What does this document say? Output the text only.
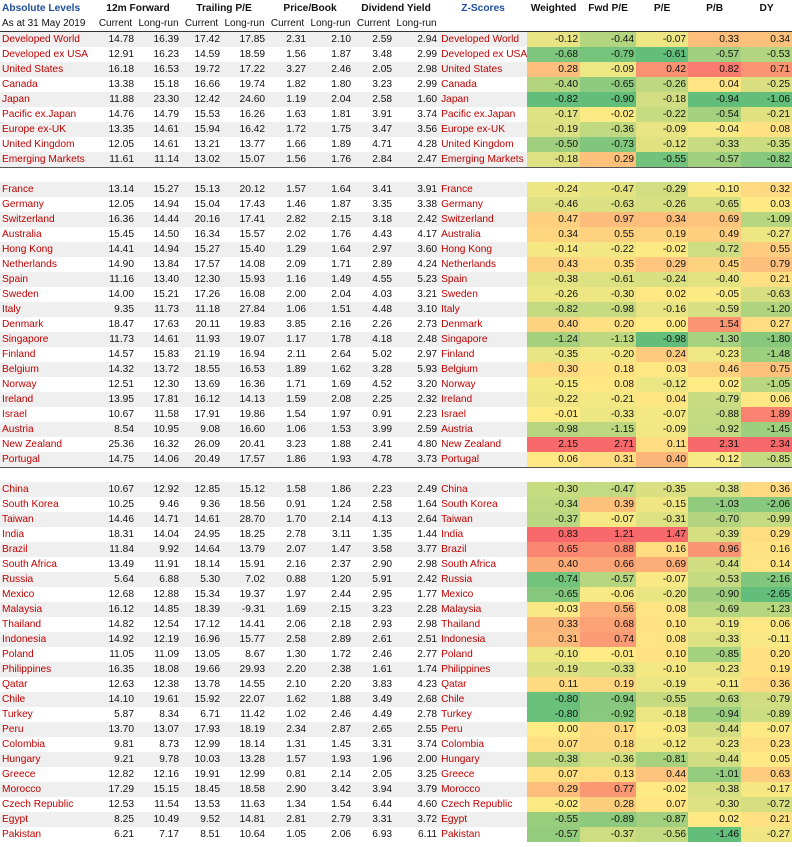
Absolute Levels	12m Forward		Trailing P/E		Price/Book		Dividend Yield		Z-Scores	Weighted	Fwd P/E	P/E	P/B	DY
As at 31 May 2019	Current	Long-run	Current	Long-run	Current	Long-run	Current	Long-run						
Developed World	14.78	16.39	17.42	17.85	2.31	2.10	2.59	2.94	Developed World	-0.12	-0.44	-0.07	0.33	0.34
Developed ex USA	12.91	16.23	14.59	18.59	1.56	1.87	3.48	2.99	Developed ex USA	-0.68	-0.79	-0.61	-0.57	-0.53
United States	16.18	16.53	19.72	17.22	3.27	2.46	2.05	2.98	United States	0.28	-0.09	0.42	0.82	0.71
Canada	13.38	15.18	16.66	19.74	1.82	1.80	3.23	2.99	Canada	-0.40	-0.65	-0.26	0.04	-0.25
Japan	11.88	23.30	12.42	24.60	1.19	2.04	2.58	1.60	Japan	-0.82	-0.90	-0.18	-0.94	-1.06
Pacific ex.Japan	14.76	14.79	15.53	16.26	1.63	1.81	3.91	3.74	Pacific ex.Japan	-0.17	-0.02	-0.22	-0.54	-0.21
Europe ex-UK	13.35	14.61	15.94	16.42	1.72	1.75	3.47	3.56	Europe ex-UK	-0.19	-0.36	-0.09	-0.04	0.08
United Kingdom	12.05	14.61	13.21	13.77	1.66	1.89	4.71	4.28	United Kingdom	-0.50	-0.73	-0.12	-0.33	-0.35
Emerging Markets	11.61	11.14	13.02	15.07	1.56	1.76	2.84	2.47	Emerging Markets	-0.18	0.29	-0.55	-0.57	-0.82

France	13.14	15.27	15.13	20.12	1.57	1.64	3.41	3.91	France	-0.24	-0.47	-0.29	-0.10	0.32
Germany	12.05	14.94	15.04	17.43	1.46	1.87	3.35	3.38	Germany	-0.46	-0.63	-0.26	-0.65	0.03
Switzerland	16.36	14.44	20.16	17.41	2.82	2.15	3.18	2.42	Switzerland	0.47	0.97	0.34	0.69	-1.09
Australia	15.45	14.50	16.34	15.57	2.02	1.76	4.43	4.17	Australia	0.34	0.55	0.19	0.49	-0.27
Hong Kong	14.41	14.94	15.27	15.40	1.29	1.64	2.97	3.60	Hong Kong	-0.14	-0.22	-0.02	-0.72	0.55
Netherlands	14.90	13.84	17.57	14.08	2.09	1.71	2.89	4.24	Netherlands	0.43	0.35	0.29	0.45	0.79
Spain	11.16	13.40	12.30	15.93	1.16	1.49	4.55	5.23	Spain	-0.38	-0.61	-0.24	-0.40	0.21
Sweden	14.00	15.21	17.26	16.08	2.00	2.04	4.03	3.21	Sweden	-0.26	-0.30	0.02	-0.05	-0.63
Italy	9.35	11.73	11.18	27.84	1.06	1.51	4.48	3.10	Italy	-0.82	-0.98	-0.16	-0.59	-1.20
Denmark	18.47	17.63	20.11	19.83	3.85	2.16	2.26	2.73	Denmark	0.40	0.20	0.00	1.54	0.27
Singapore	11.73	14.61	11.93	19.07	1.17	1.78	4.18	2.48	Singapore	-1.24	-1.13	-0.98	-1.30	-1.80
Finland	14.57	15.83	21.19	16.94	2.11	2.64	5.02	2.97	Finland	-0.35	-0.20	0.24	-0.23	-1.48
Belgium	14.32	13.72	18.55	16.53	1.89	1.62	3.28	5.93	Belgium	0.30	0.18	0.03	0.46	0.75
Norway	12.51	12.30	13.69	16.36	1.71	1.69	4.52	3.20	Norway	-0.15	0.08	-0.12	0.02	-1.05
Ireland	13.95	17.81	16.12	14.13	1.59	2.08	2.25	2.32	Ireland	-0.22	-0.21	0.04	-0.79	0.06
Israel	10.67	11.58	17.91	19.86	1.54	1.97	0.91	2.23	Israel	-0.01	-0.33	-0.07	-0.88	1.89
Austria	8.54	10.95	9.08	16.60	1.06	1.53	3.99	2.59	Austria	-0.98	-1.15	-0.09	-0.92	-1.45
New Zealand	25.36	16.32	26.09	20.41	3.23	1.88	2.41	4.80	New Zealand	2.15	2.71	0.11	2.31	2.34
Portugal	14.75	14.06	20.49	17.57	1.86	1.93	4.78	3.73	Portugal	0.06	0.31	0.40	-0.12	-0.85

China	10.67	12.92	12.85	15.12	1.58	1.86	2.23	2.49	China	-0.30	-0.47	-0.35	-0.38	0.36
South Korea	10.25	9.46	9.36	18.56	0.91	1.24	2.58	1.64	South Korea	-0.34	0.39	-0.15	-1.03	-2.06
Taiwan	14.46	14.71	14.61	28.70	1.70	2.14	4.13	2.64	Taiwan	-0.37	-0.07	-0.31	-0.70	-0.99
India	18.31	14.04	24.95	18.25	2.78	3.11	1.35	1.44	India	0.83	1.21	1.47	-0.39	0.29
Brazil	11.84	9.92	14.64	13.79	2.07	1.47	3.58	3.77	Brazil	0.65	0.88	0.16	0.96	0.16
South Africa	13.49	11.91	18.14	15.91	2.16	2.37	2.90	2.98	South Africa	0.40	0.66	0.69	-0.44	0.14
Russia	5.64	6.88	5.30	7.02	0.88	1.20	5.91	2.42	Russia	-0.74	-0.57	-0.07	-0.53	-2.16
Mexico	12.68	12.88	15.34	19.37	1.97	2.44	2.95	1.77	Mexico	-0.65	-0.06	-0.20	-0.90	-2.65
Malaysia	16.12	14.85	18.39	-9.31	1.69	2.15	3.23	2.28	Malaysia	-0.03	0.56	0.08	-0.69	-1.23
Thailand	14.82	12.54	17.12	14.41	2.06	2.18	2.93	2.98	Thailand	0.33	0.68	0.10	-0.19	0.06
Indonesia	14.92	12.19	16.96	15.77	2.58	2.89	2.61	2.51	Indonesia	0.31	0.74	0.08	-0.33	-0.11
Poland	11.05	11.09	13.05	8.67	1.30	1.72	2.46	2.77	Poland	-0.10	-0.01	0.10	-0.85	0.20
Philippines	16.35	18.08	19.66	29.93	2.20	2.38	1.61	1.74	Philippines	-0.19	-0.33	-0.10	-0.23	0.19
Qatar	12.63	12.38	13.78	14.55	2.10	2.20	3.83	4.23	Qatar	0.11	0.19	-0.19	-0.11	0.36
Chile	14.10	19.61	15.92	22.07	1.62	1.88	3.49	2.68	Chile	-0.80	-0.94	-0.55	-0.63	-0.79
Turkey	5.87	8.34	6.71	11.42	1.02	2.46	4.49	2.78	Turkey	-0.80	-0.92	-0.18	-0.94	-0.89
Peru	13.70	13.07	17.93	18.19	2.34	2.87	2.65	2.55	Peru	0.00	0.17	-0.03	-0.44	-0.07
Colombia	9.81	8.73	12.99	18.14	1.31	1.45	3.31	3.74	Colombia	0.07	0.18	-0.12	-0.23	0.23
Hungary	9.21	9.78	10.03	13.28	1.57	1.93	1.96	2.00	Hungary	-0.38	-0.36	-0.81	-0.44	0.05
Greece	12.82	12.16	19.91	12.99	0.81	2.14	2.05	3.25	Greece	0.07	0.13	0.44	-1.01	0.63
Morocco	17.29	15.15	18.45	18.58	2.90	3.42	3.94	3.79	Morocco	0.29	0.77	-0.02	-0.38	-0.17
Czech Republic	12.53	11.54	13.53	11.63	1.34	1.54	6.44	4.60	Czech Republic	-0.02	0.28	0.07	-0.30	-0.72
Egypt	8.25	10.49	9.52	14.81	2.81	2.79	3.31	3.72	Egypt	-0.55	-0.89	-0.87	0.02	0.21
Pakistan	6.21	7.17	8.51	10.64	1.05	2.06	6.93	6.11	Pakistan	-0.57	-0.37	-0.56	-1.46	-0.27
